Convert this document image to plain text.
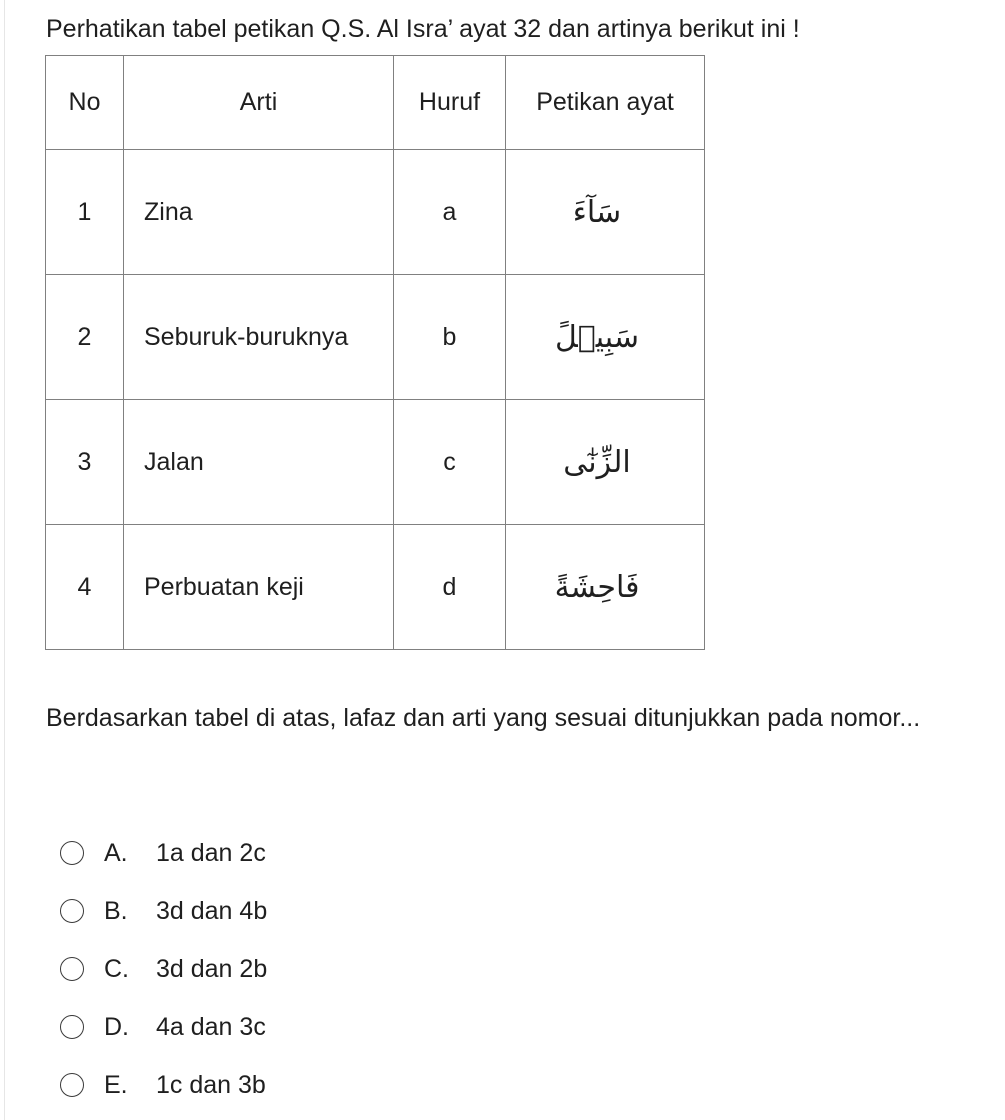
Perhatikan tabel petikan Q.S. Al Isra’ ayat 32 dan artinya berikut ini !
No	Arti	Huruf	Petikan ayat
1	Zina	a	سَآءَ
2	Seburuk-buruknya	b	سَبِيۡلً
3	Jalan	c	الزِّنٰٓى
4	Perbuatan keji	d	فَاحِشَةً
Berdasarkan tabel di atas, lafaz dan arti yang sesuai ditunjukkan pada nomor...
A.	1a dan 2c
B.	3d dan 4b
C.	3d dan 2b
D.	4a dan 3c
E.	1c dan 3b
